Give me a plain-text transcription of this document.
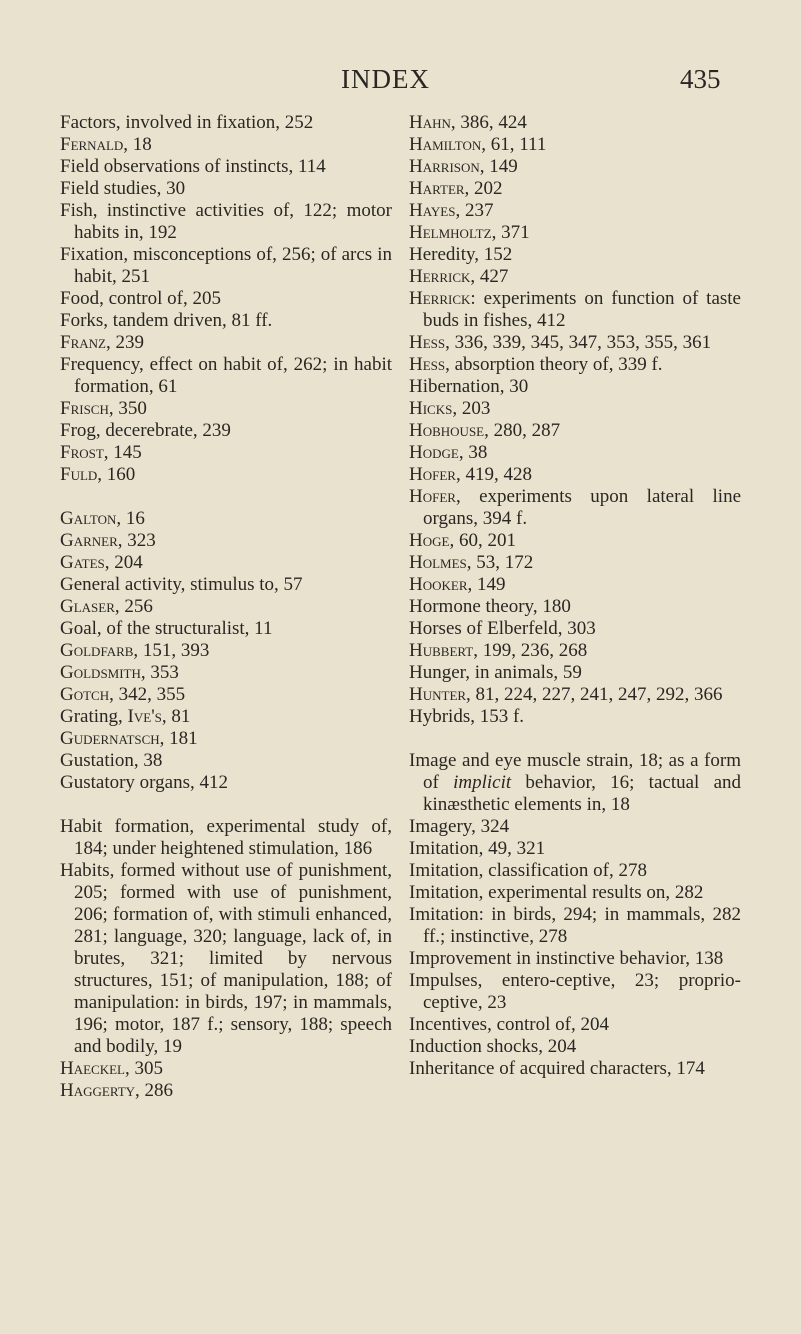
INDEX	435

Factors, involved in fixation, 252

Fernald, 18

Field observations of instincts, 114

Field studies, 30

Fish, instinctive activities of, 122; motor habits in, 192

Fixation, misconceptions of, 256; of arcs in habit, 251

Food, control of, 205

Forks, tandem driven, 81 ff.

Franz, 239

Frequency, effect on habit of, 262; in habit formation, 61

Frisch, 350

Frog, decerebrate, 239

Frost, 145

Fuld, 160

Galton, 16

Garner, 323

Gates, 204

General activity, stimulus to, 57

Glaser, 256

Goal, of the structuralist, 11

Goldfarb, 151, 393

Goldsmith, 353

Gotch, 342, 355

Grating, Ive's, 81

Gudernatsch, 181

Gustation, 38

Gustatory organs, 412

Habit formation, experimental study of, 184; under heightened stimulation, 186

Habits, formed without use of punishment, 205; formed with use of punishment, 206; formation of, with stimuli enhanced, 281; language, 320; language, lack of, in brutes, 321; limited by nervous structures, 151; of manipulation, 188; of manipulation: in birds, 197; in mammals, 196; motor, 187 f.; sensory, 188; speech and bodily, 19

Haeckel, 305

Haggerty, 286

Hahn, 386, 424

Hamilton, 61, 111

Harrison, 149

Harter, 202

Hayes, 237

Helmholtz, 371

Heredity, 152

Herrick, 427

Herrick: experiments on function of taste buds in fishes, 412

Hess, 336, 339, 345, 347, 353, 355, 361

Hess, absorption theory of, 339 f.

Hibernation, 30

Hicks, 203

Hobhouse, 280, 287

Hodge, 38

Hofer, 419, 428

Hofer, experiments upon lateral line organs, 394 f.

Hoge, 60, 201

Holmes, 53, 172

Hooker, 149

Hormone theory, 180

Horses of Elberfeld, 303

Hubbert, 199, 236, 268

Hunger, in animals, 59

Hunter, 81, 224, 227, 241, 247, 292, 366

Hybrids, 153 f.

Image and eye muscle strain, 18; as a form of implicit behavior, 16; tactual and kinæsthetic elements in, 18

Imagery, 324

Imitation, 49, 321

Imitation, classification of, 278

Imitation, experimental results on, 282

Imitation: in birds, 294; in mammals, 282 ff.; instinctive, 278

Improvement in instinctive behavior, 138

Impulses, entero-ceptive, 23; proprio-ceptive, 23

Incentives, control of, 204

Induction shocks, 204

Inheritance of acquired characters, 174
